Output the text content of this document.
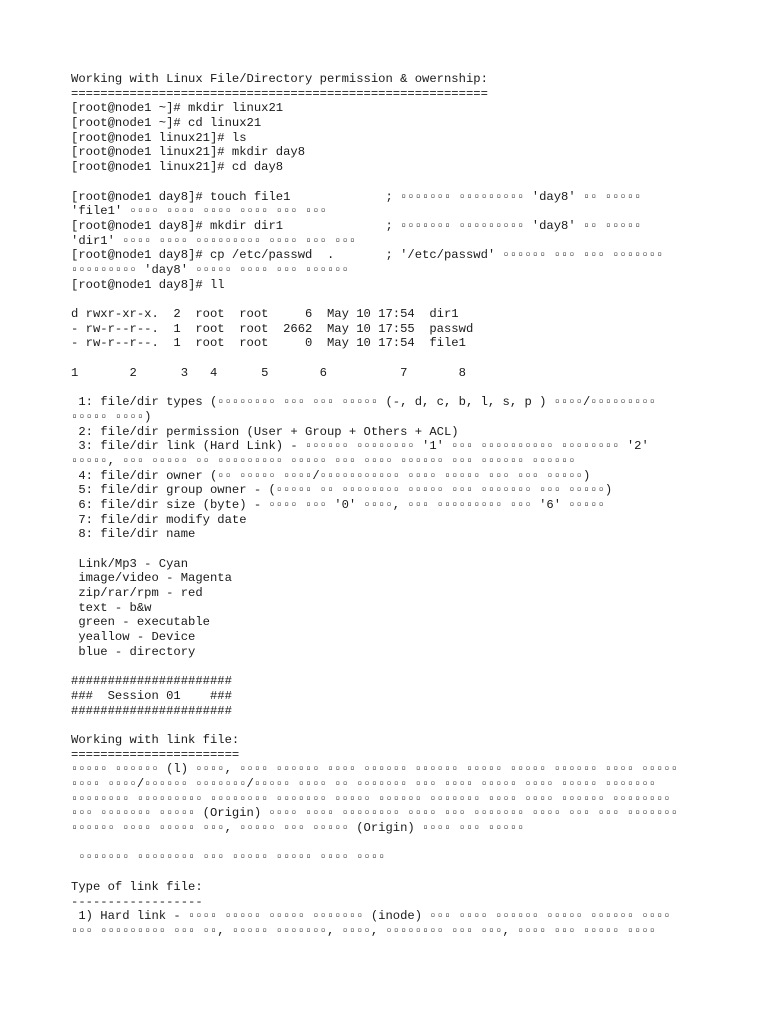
Working with Linux File/Directory permission & owernship:
=========================================================
[root@node1 ~]# mkdir linux21
[root@node1 ~]# cd linux21
[root@node1 linux21]# ls
[root@node1 linux21]# mkdir day8
[root@node1 linux21]# cd day8
[root@node1 day8]# touch file1             ; ▫▫▫▫▫▫▫ ▫▫▫▫▫▫▫▫▫ 'day8' ▫▫ ▫▫▫▫▫
'file1' ▫▫▫▫ ▫▫▫▫ ▫▫▫▫ ▫▫▫▫ ▫▫▫ ▫▫▫
[root@node1 day8]# mkdir dir1              ; ▫▫▫▫▫▫▫ ▫▫▫▫▫▫▫▫▫ 'day8' ▫▫ ▫▫▫▫▫
'dir1' ▫▫▫▫ ▫▫▫▫ ▫▫▫▫▫▫▫▫▫ ▫▫▫▫ ▫▫▫ ▫▫▫
[root@node1 day8]# cp /etc/passwd  .       ; '/etc/passwd' ▫▫▫▫▫▫ ▫▫▫ ▫▫▫ ▫▫▫▫▫▫▫
▫▫▫▫▫▫▫▫▫ 'day8' ▫▫▫▫▫ ▫▫▫▫ ▫▫▫ ▫▫▫▫▫▫
[root@node1 day8]# ll
d rwxr-xr-x.  2  root  root     6  May 10 17:54  dir1
- rw-r--r--.  1  root  root  2662  May 10 17:55  passwd
- rw-r--r--.  1  root  root     0  May 10 17:54  file1
1       2      3   4      5       6          7       8
1: file/dir types (▫▫▫▫▫▫▫▫ ▫▫▫ ▫▫▫ ▫▫▫▫▫ (-, d, c, b, l, s, p ) ▫▫▫▫/▫▫▫▫▫▫▫▫▫
▫▫▫▫▫ ▫▫▫▫)
2: file/dir permission (User + Group + Others + ACL)
3: file/dir link (Hard Link) - ▫▫▫▫▫▫ ▫▫▫▫▫▫▫▫ '1' ▫▫▫ ▫▫▫▫▫▫▫▫▫▫ ▫▫▫▫▫▫▫▫ '2'
▫▫▫▫▫, ▫▫▫ ▫▫▫▫▫ ▫▫ ▫▫▫▫▫▫▫▫▫ ▫▫▫▫▫ ▫▫▫ ▫▫▫▫ ▫▫▫▫▫▫ ▫▫▫ ▫▫▫▫▫▫ ▫▫▫▫▫▫
4: file/dir owner (▫▫ ▫▫▫▫▫ ▫▫▫▫/▫▫▫▫▫▫▫▫▫▫▫ ▫▫▫▫ ▫▫▫▫▫ ▫▫▫ ▫▫▫ ▫▫▫▫▫)
5: file/dir group owner - (▫▫▫▫▫ ▫▫ ▫▫▫▫▫▫▫▫ ▫▫▫▫▫ ▫▫▫ ▫▫▫▫▫▫▫ ▫▫▫ ▫▫▫▫▫)
6: file/dir size (byte) - ▫▫▫▫ ▫▫▫ '0' ▫▫▫▫, ▫▫▫ ▫▫▫▫▫▫▫▫▫ ▫▫▫ '6' ▫▫▫▫▫
7: file/dir modify date
8: file/dir name
Link/Mp3 - Cyan
image/video - Magenta
zip/rar/rpm - red
text - b&w
green - executable
yeallow - Device
blue - directory
######################
###  Session 01    ###
######################
Working with link file:
=======================
▫▫▫▫▫ ▫▫▫▫▫▫ (l) ▫▫▫▫, ▫▫▫▫ ▫▫▫▫▫▫ ▫▫▫▫ ▫▫▫▫▫▫ ▫▫▫▫▫▫ ▫▫▫▫▫ ▫▫▫▫▫ ▫▫▫▫▫▫ ▫▫▫▫ ▫▫▫▫▫
▫▫▫▫ ▫▫▫▫/▫▫▫▫▫▫ ▫▫▫▫▫▫▫/▫▫▫▫▫ ▫▫▫▫ ▫▫ ▫▫▫▫▫▫▫ ▫▫▫ ▫▫▫▫ ▫▫▫▫▫ ▫▫▫▫ ▫▫▫▫▫ ▫▫▫▫▫▫▫
▫▫▫▫▫▫▫▫ ▫▫▫▫▫▫▫▫▫ ▫▫▫▫▫▫▫▫ ▫▫▫▫▫▫▫ ▫▫▫▫▫ ▫▫▫▫▫▫ ▫▫▫▫▫▫▫ ▫▫▫▫ ▫▫▫▫ ▫▫▫▫▫▫ ▫▫▫▫▫▫▫▫
▫▫▫ ▫▫▫▫▫▫▫ ▫▫▫▫▫ (Origin) ▫▫▫▫ ▫▫▫▫ ▫▫▫▫▫▫▫▫ ▫▫▫▫ ▫▫▫ ▫▫▫▫▫▫▫ ▫▫▫▫ ▫▫▫ ▫▫▫ ▫▫▫▫▫▫▫
▫▫▫▫▫▫ ▫▫▫▫ ▫▫▫▫▫ ▫▫▫, ▫▫▫▫▫ ▫▫▫ ▫▫▫▫▫ (Origin) ▫▫▫▫ ▫▫▫ ▫▫▫▫▫
▫▫▫▫▫▫▫ ▫▫▫▫▫▫▫▫ ▫▫▫ ▫▫▫▫▫ ▫▫▫▫▫ ▫▫▫▫ ▫▫▫▫
Type of link file:
------------------
1) Hard link - ▫▫▫▫ ▫▫▫▫▫ ▫▫▫▫▫ ▫▫▫▫▫▫▫ (inode) ▫▫▫ ▫▫▫▫ ▫▫▫▫▫▫ ▫▫▫▫▫ ▫▫▫▫▫▫ ▫▫▫▫
▫▫▫ ▫▫▫▫▫▫▫▫▫ ▫▫▫ ▫▫, ▫▫▫▫▫ ▫▫▫▫▫▫▫, ▫▫▫▫, ▫▫▫▫▫▫▫▫ ▫▫▫ ▫▫▫, ▫▫▫▫ ▫▫▫ ▫▫▫▫▫ ▫▫▫▫
